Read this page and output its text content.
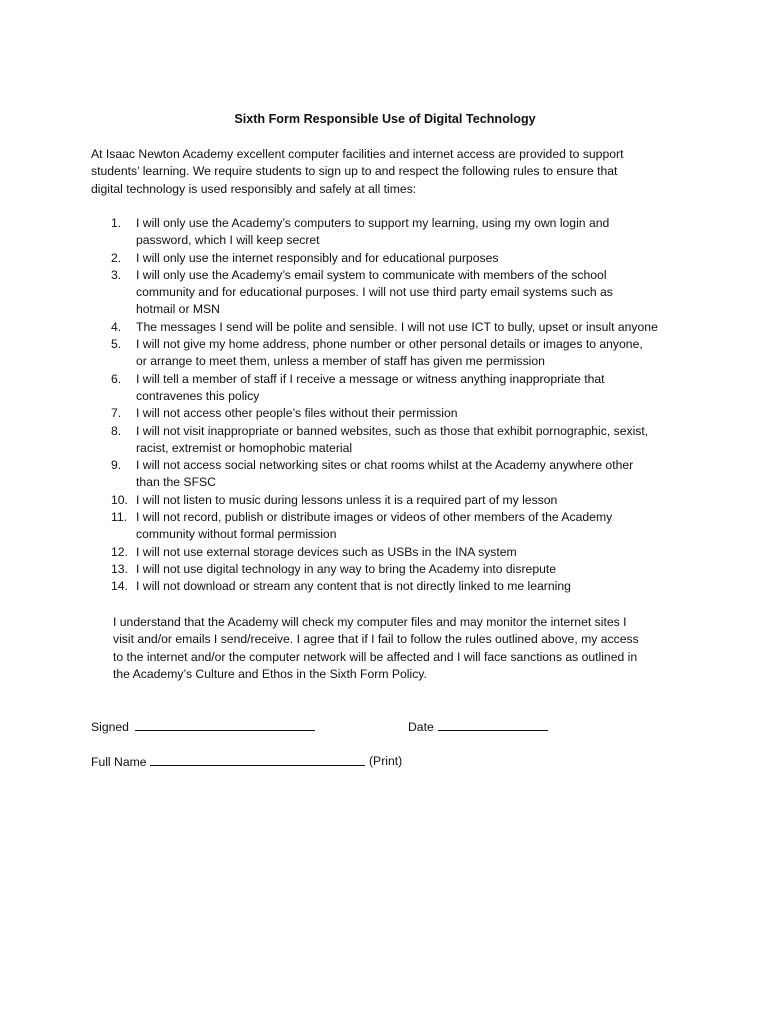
Sixth Form Responsible Use of Digital Technology
At Isaac Newton Academy excellent computer facilities and internet access are provided to support
students’ learning. We require students to sign up to and respect the following rules to ensure that
digital technology is used responsibly and safely at all times:
1.	I will only use the Academy’s computers to support my learning, using my own login and
password, which I will keep secret
2.	I will only use the internet responsibly and for educational purposes
3.	I will only use the Academy’s email system to communicate with members of the school
community and for educational purposes. I will not use third party email systems such as
hotmail or MSN
4.	The messages I send will be polite and sensible. I will not use ICT to bully, upset or insult anyone
5.	I will not give my home address, phone number or other personal details or images to anyone,
or arrange to meet them, unless a member of staff has given me permission
6.	I will tell a member of staff if I receive a message or witness anything inappropriate that
contravenes this policy
7.	I will not access other people’s files without their permission
8.	I will not visit inappropriate or banned websites, such as those that exhibit pornographic, sexist,
racist, extremist or homophobic material
9.	I will not access social networking sites or chat rooms whilst at the Academy anywhere other
than the SFSC
10. I will not listen to music during lessons unless it is a required part of my lesson
11. I will not record, publish or distribute images or videos of other members of the Academy
community without formal permission
12. I will not use external storage devices such as USBs in the INA system
13. I will not use digital technology in any way to bring the Academy into disrepute
14. I will not download or stream any content that is not directly linked to me learning
I understand that the Academy will check my computer files and may monitor the internet sites I
visit and/or emails I send/receive. I agree that if I fail to follow the rules outlined above, my access
to the internet and/or the computer network will be affected and I will face sanctions as outlined in
the Academy’s Culture and Ethos in the Sixth Form Policy.
Signed	Date
Full Name	(Print)
